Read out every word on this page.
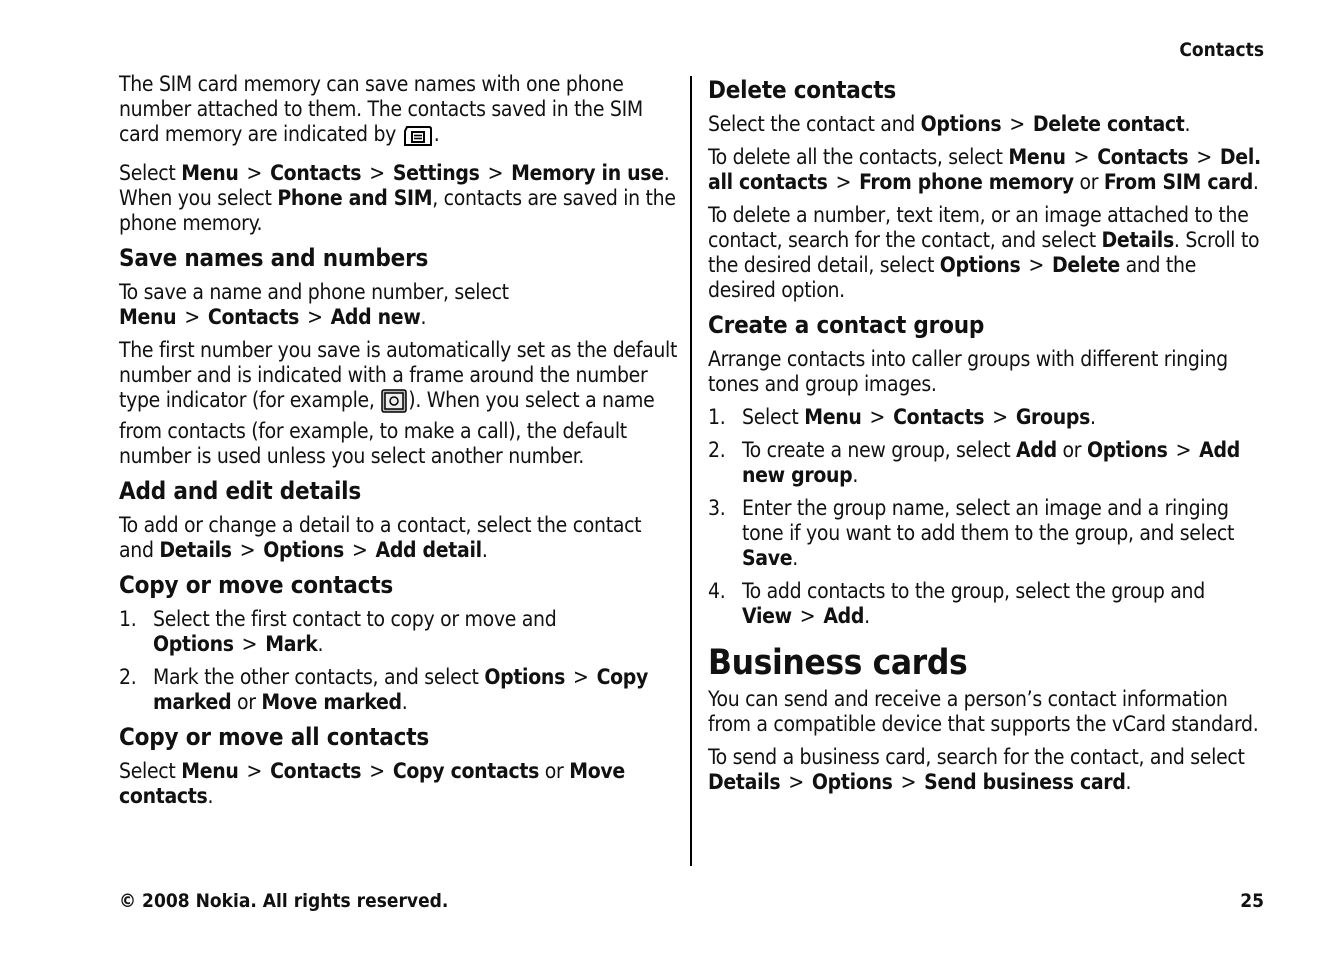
Contacts

The SIM card memory can save names with one phone number attached to them. The contacts saved in the SIM card memory are indicated by .

Select Menu > Contacts > Settings > Memory in use. When you select Phone and SIM, contacts are saved in the phone memory.

Save names and numbers

To save a name and phone number, select Menu > Contacts > Add new.

The first number you save is automatically set as the default number and is indicated with a frame around the number type indicator (for example, ). When you select a name from contacts (for example, to make a call), the default number is used unless you select another number.

Add and edit details

To add or change a detail to a contact, select the contact and Details > Options > Add detail.

Copy or move contacts
1. Select the first contact to copy or move and Options > Mark.
2. Mark the other contacts, and select Options > Copy marked or Move marked.
Copy or move all contacts

Select Menu > Contacts > Copy contacts or Move contacts.

Delete contacts

Select the contact and Options > Delete contact.

To delete all the contacts, select Menu > Contacts > Del. all contacts > From phone memory or From SIM card.

To delete a number, text item, or an image attached to the contact, search for the contact, and select Details. Scroll to the desired detail, select Options > Delete and the desired option.

Create a contact group

Arrange contacts into caller groups with different ringing tones and group images.

1. Select Menu > Contacts > Groups.
2. To create a new group, select Add or Options > Add new group.
3. Enter the group name, select an image and a ringing tone if you want to add them to the group, and select Save.
4. To add contacts to the group, select the group and View > Add.
Business cards

You can send and receive a person’s contact information from a compatible device that supports the vCard standard.

To send a business card, search for the contact, and select Details > Options > Send business card.

© 2008 Nokia. All rights reserved.	25
